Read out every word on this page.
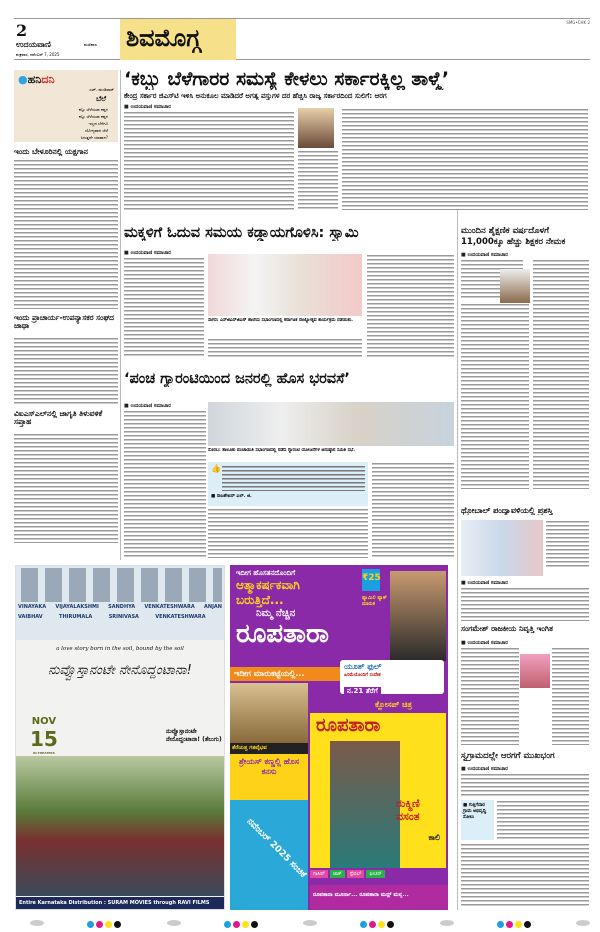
2
ಉದಯವಾಣಿ	ಮಣಿಪಾಲ
ಶುಕ್ರವಾರ, ನವೆಂಬರ್ 7, 2025
ಶಿವಮೊಗ್ಗ
SMG•CHK 2
●ಹನಿದನಿ
ಎಚ್. ಡುಂಡಿರಾಜ್
ಬೆಲೆ
ಕಬ್ಬು ಬೆಳೆಯುವ ಕಷ್ಟಗ
ಕಬ್ಬು ಬೆಳೆಯುವ ಕಷ್ಟಗ
ಇಲ್ಲದ ಬೆಳೆಗೂ
ಯೋಗ್ಯವಾದ ಬೆಲೆ
ಸಿಗುತ್ತದೇ ಯಾವಾಗ?
ಇಂದು ಬೇಳೂರಿನಲ್ಲಿ ಯಕ್ಷಗಾನ
ಇಂದು ಪ್ರಾಚಾರ್ಯ-ಉಪನ್ಯಾಸಕರ ಸಂಘದ ಜಾಥಾ
ವಿಐಎಸ್‌ಎಲ್‌ನಲ್ಲಿ ಜಾಗೃತಿ ತಿಳುವಳಿಕೆ ಸಪ್ತಾಹ
‘ಕಬ್ಬು ಬೆಳೆಗಾರರ ಸಮಸ್ಯೆ ಕೇಳಲು ಸರ್ಕಾರಕ್ಕಿಲ್ಲ ತಾಳ್ಮೆ’
ಕೇಂದ್ರ ಸರ್ಕಾರ ಜಿಎಸ್‌ಟಿ ಇಳಿಸಿ ಅನುಕೂಲ ಮಾಡಿದರೆ ಅಗತ್ಯ ವಸ್ತುಗಳ ದರ ಹೆಚ್ಚಿಸಿ ರಾಜ್ಯ ಸರ್ಕಾರದಿಂದ ಸುಲಿಗೆ: ಆರಗ
■ ಉದಯವಾಣಿ ಸಮಾಚಾರ
ಮಕ್ಕಳಿಗೆ ಓದುವ ಸಮಯ ಕಡ್ಡಾಯಗೊಳಿಸಿ: ಸ್ವಾಮಿ
■ ಉದಯವಾಣಿ ಸಮಾಚಾರ
ಸಾಗರ: ಎಸ್‌ಜಿಎಸ್‌ಜಿಎನ್ ಶಾಲೆಯ ಸಭಾಂಗಣದಲ್ಲಿ ಕರ್ನಾಟಕ ರಾಜ್ಯೋತ್ಸವ ಕಾರ್ಯಕ್ರಮ ನಡೆಯಿತು.
‘ಪಂಚ ಗ್ಯಾರಂಟಿಯಿಂದ ಜನರಲ್ಲಿ ಹೊಸ ಭರವಸೆ’
■ ಉದಯವಾಣಿ ಸಮಾಚಾರ
ಸೊರಬ: ತಾಲೂಕು ಪಂಚಾಯಿತಿ ಸಭಾಂಗಣದಲ್ಲಿ ನಡೆದ ಗ್ಯಾರಂಟಿ ಯೋಜನೆಗಳ ಅನುಷ್ಠಾನ ಸಮಿತಿ ಸಭೆ.
👍
■ ರಾಜಶೇಖರ್ ಎಲ್. ಜಿ.
ಮುಂದಿನ ಶೈಕ್ಷಣಿಕ ವರ್ಷದೊಳಗೆ 11,000ಕ್ಕೂ ಹೆಚ್ಚು ಶಿಕ್ಷಕರ ನೇಮಕ
■ ಉದಯವಾಣಿ ಸಮಾಚಾರ
ಥ್ರೋಬಾಲ್ ಪಂದ್ಯಾವಳಿಯಲ್ಲಿ ಪ್ರಶಸ್ತಿ
■ ಉದಯವಾಣಿ ಸಮಾಚಾರ
ಸಂಗಮೇಶ್ ರಾಜಕೀಯ ನಿವೃತ್ತಿ ಇಂಗಿತ
■ ಉದಯವಾಣಿ ಸಮಾಚಾರ
ಸ್ವಗ್ರಾಮದಲ್ಲೇ ಆರಗಗೆ ಮುಖಭಂಗ
■ ಉದಯವಾಣಿ ಸಮಾಚಾರ
■ ಗುತ್ತಿಗೆದಾರ ಗ್ರಾಮ ಅಭಿವೃದ್ಧಿ ಸೋಲು
VINAYAKA VIJAYALAKSHMI SANDHYA VENKATESHWARA ANJAN
VAIBHAV	THIRUMALA	SRINIVASA	VENKATESHWARA
a love story born in the soil, bound by the soil
ನುವ್ವೊಸ್ತಾನಂಟೇ ನೇನೊದ್ದಂಟಾನಾ!
NOV
15
IN THEATERS
ನುವ್ವೊಸ್ತಾನಂಟೇ ನೇನೊದ್ದಂಟಾನಾ! (ತೆಲುಗು)
Entire Karnataka Distribution : SURAM MOVIES through RAVI FILMS
ಇದೀಗ ಹೊಸತನದೊಂದಿಗೆ
ಆತ್ಮಾಕರ್ಷಕವಾಗಿ
ಬರುತ್ತಿದೆ...
ನಿಮ್ಮ ನೆಚ್ಚಿನ
ರೂಪತಾರಾ
₹25
ಫ್ಯಾಮಿಲಿ ಪ್ಯಾಕ್ ಮಾರುಕ
ಇದೀಗ ಮಾರುಕಟ್ಟೆಯಲ್ಲಿ...
ಯೂತ್ ಫುಲ್
ಹಿರಿಮೆಯೊಂದಿಗೆ ಸಂದೇಶ
ನ.21 ತೆರೆಗೆ
ಕ್ಲೋಸಪ್ ಚಿತ್ರ
ತೆರೆಯತ್ತ ಗತವೈಭವ
ಶ್ರೇಯಸ್ ಕಣ್ಣಲ್ಲಿ ಹೊಸ ಕನಸು
ನವೆಂಬರ್ 2025 ಸಂಚಿಕೆ
ರೂಪತಾರಾ
ರುಕ್ಮಿಣಿ ವಸಂತ
ಕಾಲಿ
ಗಾಸಿಪ್	ಟಾಕ್	ಸ್ಪೆಷಲ್	ಫೀಚರ್
ರೂಪತಾರಾ ಮೂರ್ನಾ... ರೂಪತಾರಾ ಮನ್ಸ್ ಮನ್ನ...
